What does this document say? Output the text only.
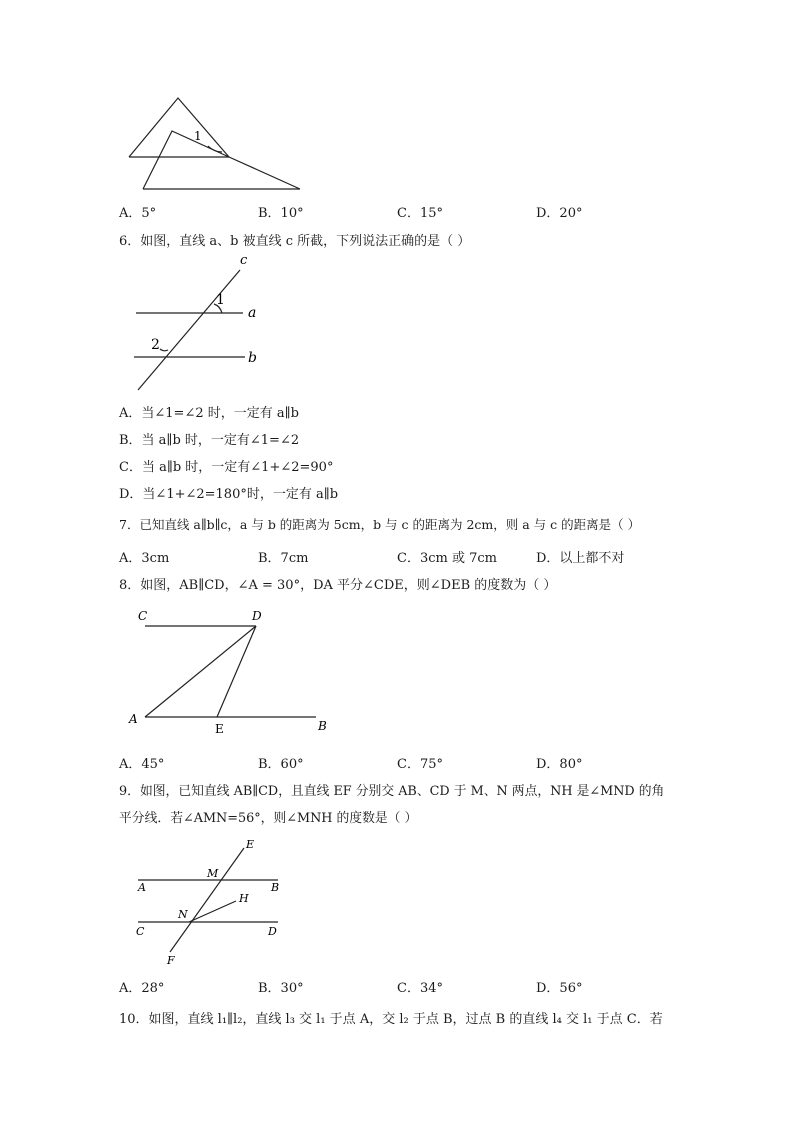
1
A．5°	B．10°	C．15°	D．20°
6．如图，直线 a、b 被直线 c 所截，下列说法正确的是（ ）
c
a
b
1
2
A．当∠1=∠2 时，一定有 a∥b
B．当 a∥b 时，一定有∠1=∠2
C．当 a∥b 时，一定有∠1+∠2=90°
D．当∠1+∠2=180°时，一定有 a∥b
7．已知直线 a∥b∥c，a 与 b 的距离为 5cm，b 与 c 的距离为 2cm，则 a 与 c 的距离是（ ）
A．3cm	B．7cm	C．3cm 或 7cm	D．以上都不对
8．如图，AB∥CD，∠A = 30°，DA 平分∠CDE，则∠DEB 的度数为（ ）
C	D
A
E	B
A．45°	B．60°	C．75°	D．80°
9．如图，已知直线 AB∥CD，且直线 EF 分别交 AB、CD 于 M、N 两点，NH 是∠MND 的角
平分线．若∠AMN=56°，则∠MNH 的度数是（ ）
E
M
A	B
H
N
C	D
F
A．28°	B．30°	C．34°	D．56°
10．如图，直线 l₁∥l₂，直线 l₃ 交 l₁ 于点 A，交 l₂ 于点 B，过点 B 的直线 l₄ 交 l₁ 于点 C．若
